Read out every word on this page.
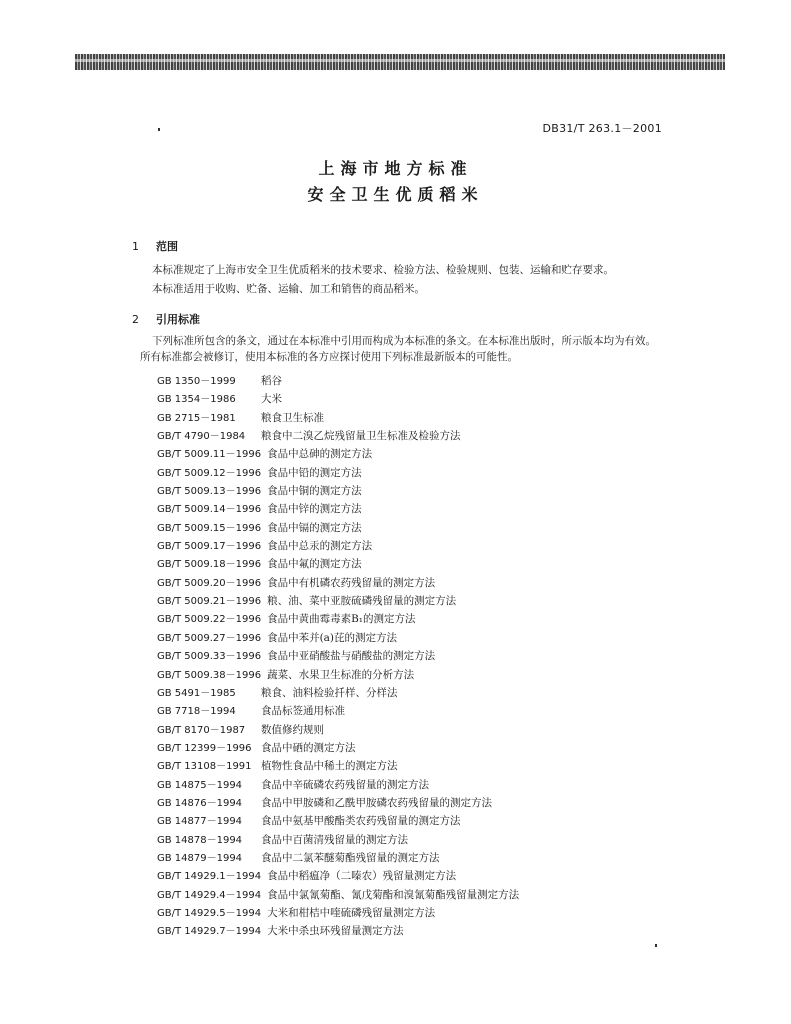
DB31/T 263.1－2001
上海市地方标准
安全卫生优质稻米
1 范围
本标准规定了上海市安全卫生优质稻米的技术要求、检验方法、检验规则、包装、运输和贮存要求。
本标准适用于收购、贮备、运输、加工和销售的商品稻米。
2 引用标准
下列标准所包含的条文，通过在本标准中引用而构成为本标准的条文。在本标准出版时，所示版本均为有效。所有标准都会被修订，使用本标准的各方应探讨使用下列标准最新版本的可能性。
GB 1350－1999 稻谷
GB 1354－1986 大米
GB 2715－1981 粮食卫生标准
GB/T 4790－1984 粮食中二溴乙烷残留量卫生标准及检验方法
GB/T 5009.11－1996 食品中总砷的测定方法
GB/T 5009.12－1996 食品中铅的测定方法
GB/T 5009.13－1996 食品中铜的测定方法
GB/T 5009.14－1996 食品中锌的测定方法
GB/T 5009.15－1996 食品中镉的测定方法
GB/T 5009.17－1996 食品中总汞的测定方法
GB/T 5009.18－1996 食品中氟的测定方法
GB/T 5009.20－1996 食品中有机磷农药残留量的测定方法
GB/T 5009.21－1996 粮、油、菜中亚胺硫磷残留量的测定方法
GB/T 5009.22－1996 食品中黄曲霉毒素B₁的测定方法
GB/T 5009.27－1996 食品中苯并(a)芘的测定方法
GB/T 5009.33－1996 食品中亚硝酸盐与硝酸盐的测定方法
GB/T 5009.38－1996 蔬菜、水果卫生标准的分析方法
GB 5491－1985 粮食、油料检验扦样、分样法
GB 7718－1994 食品标签通用标准
GB/T 8170－1987 数值修约规则
GB/T 12399－1996 食品中硒的测定方法
GB/T 13108－1991 植物性食品中稀土的测定方法
GB 14875－1994 食品中辛硫磷农药残留量的测定方法
GB 14876－1994 食品中甲胺磷和乙酰甲胺磷农药残留量的测定方法
GB 14877－1994 食品中氨基甲酸酯类农药残留量的测定方法
GB 14878－1994 食品中百菌清残留量的测定方法
GB 14879－1994 食品中二氯苯醚菊酯残留量的测定方法
GB/T 14929.1－1994 食品中稻瘟净（二嗪农）残留量测定方法
GB/T 14929.4－1994 食品中氯氰菊酯、氰戊菊酯和溴氰菊酯残留量测定方法
GB/T 14929.5－1994 大米和柑桔中喹硫磷残留量测定方法
GB/T 14929.7－1994 大米中杀虫环残留量测定方法
